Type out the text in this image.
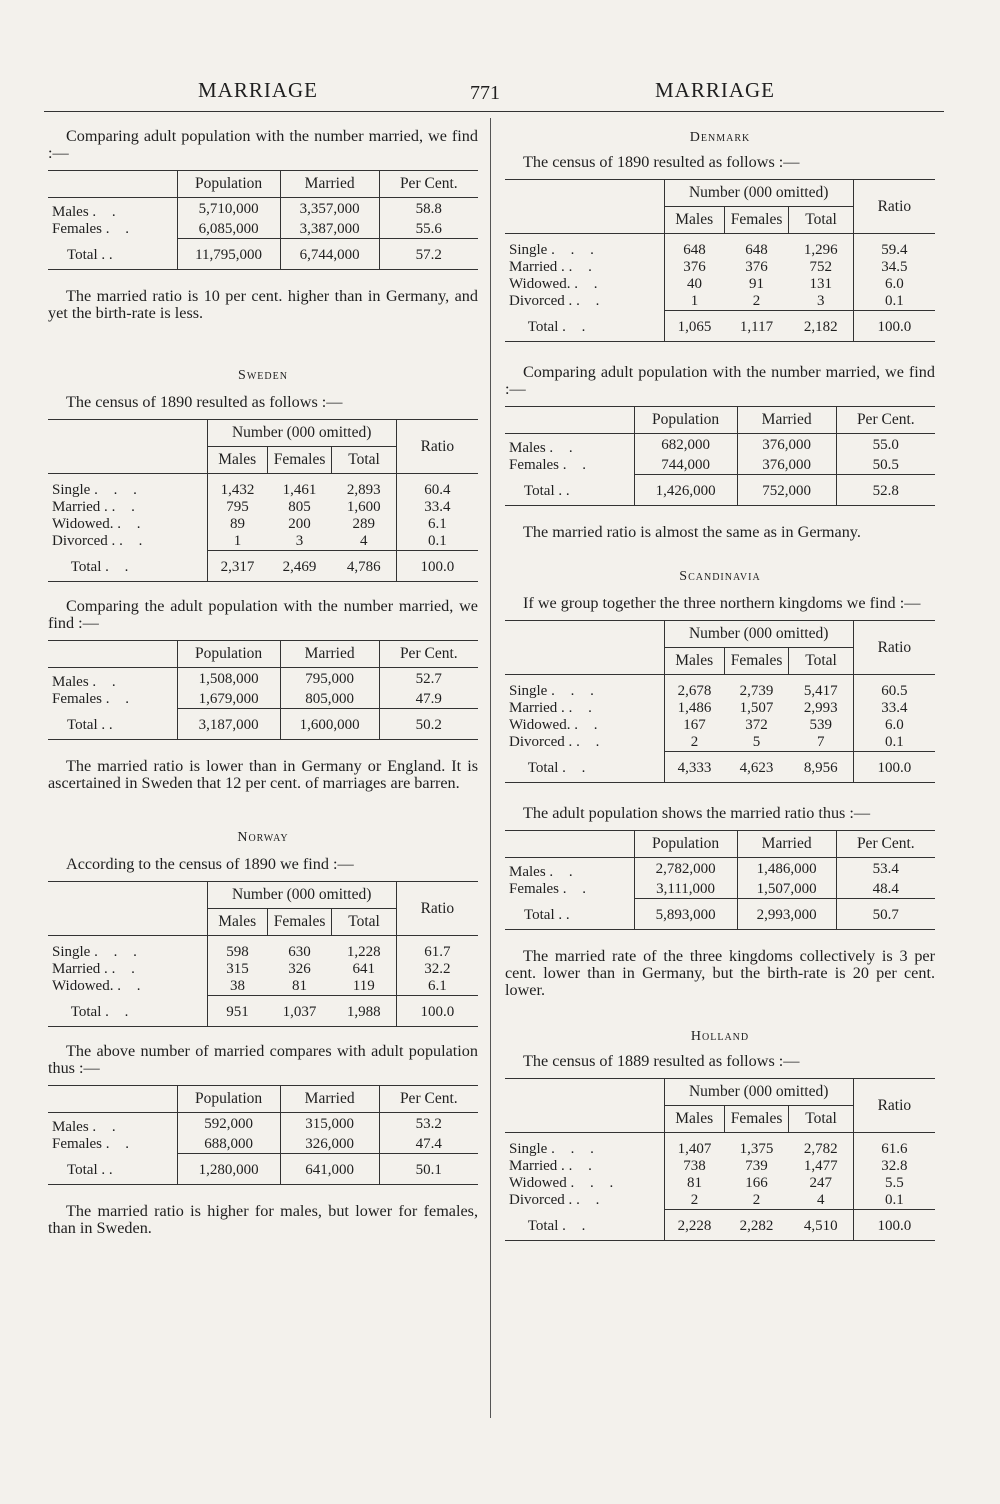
MARRIAGE	771	MARRIAGE

Comparing adult population with the number married, we find :—

	Population	Married	Per Cent.
Males . .	5,710,000	3,357,000	58.8
Females . .	6,085,000	3,387,000	55.6
Total . .	11,795,000	6,744,000	57.2

The married ratio is 10 per cent. higher than in Germany, and yet the birth-rate is less.

Sweden

The census of 1890 resulted as follows :—

	Number (000 omitted)			Ratio
	Males	Females	Total	
Single . . .	1,432	1,461	2,893	60.4
Married . . .	795	805	1,600	33.4
Widowed. . .	89	200	289	6.1
Divorced . . .	1	3	4	0.1
Total . .	2,317	2,469	4,786	100.0

Comparing the adult population with the number married, we find :—

	Population	Married	Per Cent.
Males . .	1,508,000	795,000	52.7
Females . .	1,679,000	805,000	47.9
Total . .	3,187,000	1,600,000	50.2

The married ratio is lower than in Germany or England. It is ascertained in Sweden that 12 per cent. of marriages are barren.

Norway

According to the census of 1890 we find :—

	Number (000 omitted)			Ratio
	Males	Females	Total	
Single . . .	598	630	1,228	61.7
Married . . .	315	326	641	32.2
Widowed. . .	38	81	119	6.1
Total . .	951	1,037	1,988	100.0

The above number of married compares with adult population thus :—

	Population	Married	Per Cent.
Males . .	592,000	315,000	53.2
Females . .	688,000	326,000	47.4
Total . .	1,280,000	641,000	50.1

The married ratio is higher for males, but lower for females, than in Sweden.

Denmark

The census of 1890 resulted as follows :—

	Number (000 omitted)			Ratio
	Males	Females	Total	
Single . . .	648	648	1,296	59.4
Married . . .	376	376	752	34.5
Widowed. . .	40	91	131	6.0
Divorced . . .	1	2	3	0.1
Total . .	1,065	1,117	2,182	100.0

Comparing adult population with the number married, we find :—

	Population	Married	Per Cent.
Males . .	682,000	376,000	55.0
Females . .	744,000	376,000	50.5
Total . .	1,426,000	752,000	52.8

The married ratio is almost the same as in Germany.

Scandinavia

If we group together the three northern kingdoms we find :—

	Number (000 omitted)			Ratio
	Males	Females	Total	
Single . . .	2,678	2,739	5,417	60.5
Married . . .	1,486	1,507	2,993	33.4
Widowed. . .	167	372	539	6.0
Divorced . . .	2	5	7	0.1
Total . .	4,333	4,623	8,956	100.0

The adult population shows the married ratio thus :—

	Population	Married	Per Cent.
Males . .	2,782,000	1,486,000	53.4
Females . .	3,111,000	1,507,000	48.4
Total . .	5,893,000	2,993,000	50.7

The married rate of the three kingdoms collectively is 3 per cent. lower than in Germany, but the birth-rate is 20 per cent. lower.

Holland

The census of 1889 resulted as follows :—

	Number (000 omitted)			Ratio
	Males	Females	Total	
Single . . .	1,407	1,375	2,782	61.6
Married . . .	738	739	1,477	32.8
Widowed . . .	81	166	247	5.5
Divorced . . .	2	2	4	0.1
Total . .	2,228	2,282	4,510	100.0
